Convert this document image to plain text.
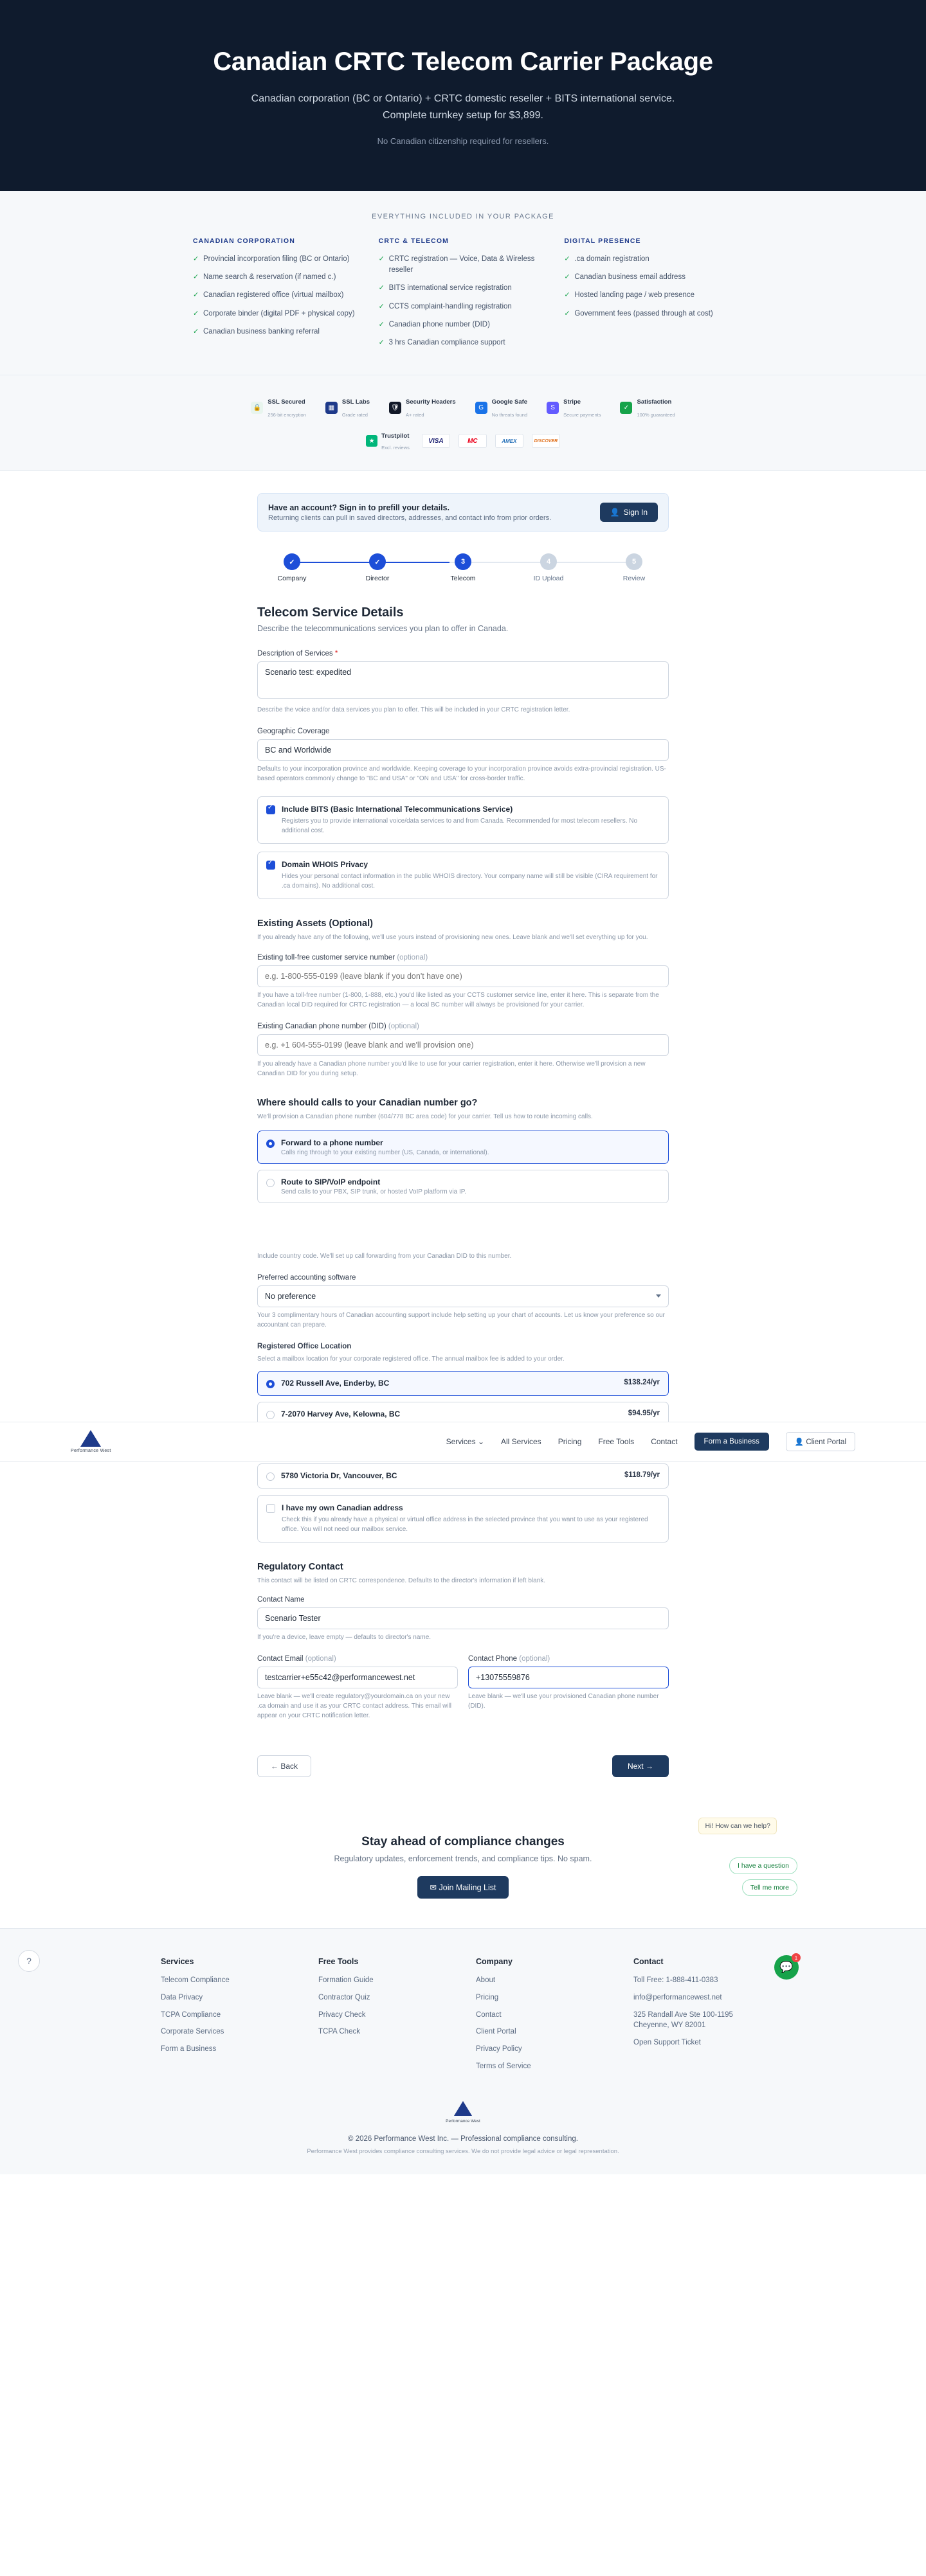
Canadian CRTC Telecom Carrier Package
Canadian corporation (BC or Ontario) + CRTC domestic reseller + BITS international service. Complete turnkey setup for $3,899.
No Canadian citizenship required for resellers.
EVERYTHING INCLUDED IN YOUR PACKAGE
CANADIAN CORPORATION
✓ Provincial incorporation filing (BC or Ontario)
✓ Name search & reservation (if named c.)
✓ Canadian registered office (virtual mailbox)
✓ Corporate binder (digital PDF + physical copy)
✓ Canadian business banking referral
CRTC & TELECOM
✓ CRTC registration — Voice, Data & Wireless reseller
✓ BITS international service registration
✓ CCTS complaint-handling registration
✓ Canadian phone number (DID)
✓ 3 hrs Canadian compliance support
DIGITAL PRESENCE
✓ .ca domain registration
✓ Canadian business email address
✓ Hosted landing page / web presence
✓ Government fees (passed through at cost)
🔒
SSL Secured
256-bit encryption
▦
SSL Labs
Grade rated
🛡
Security Headers
A+ rated
G
Google Safe
No threats found
S
Stripe
Secure payments
✓
Satisfaction
100% guaranteed
★
Trustpilot
Excl. reviews
VISA	MC	AMEX	DISCOVER
Have an account? Sign in to prefill your details.
Returning clients can pull in saved directors, addresses, and contact info from prior orders.
👤 Sign In
✓
Company
✓
Director
3
Telecom
4
ID Upload
5
Review
Telecom Service Details

Describe the telecommunications services you plan to offer in Canada.

Description of Services *
Scenario test: expedited
Describe the voice and/or data services you plan to offer. This will be included in your CRTC registration letter.
Geographic Coverage
BC and Worldwide
Defaults to your incorporation province and worldwide. Keeping coverage to your incorporation province avoids extra-provincial registration. US-based operators commonly change to "BC and USA" or "ON and USA" for cross-border traffic.
✓
Include BITS (Basic International Telecommunications Service)
Registers you to provide international voice/data services to and from Canada. Recommended for most telecom resellers. No additional cost.
✓
Domain WHOIS Privacy
Hides your personal contact information in the public WHOIS directory. Your company name will still be visible (CIRA requirement for .ca domains). No additional cost.
Existing Assets (Optional)
If you already have any of the following, we'll use yours instead of provisioning new ones. Leave blank and we'll set everything up for you.
Existing toll-free customer service number (optional)
e.g. 1-800-555-0199 (leave blank if you don't have one)
If you have a toll-free number (1-800, 1-888, etc.) you'd like listed as your CCTS customer service line, enter it here. This is separate from the Canadian local DID required for CRTC registration — a local BC number will always be provisioned for your carrier.
Existing Canadian phone number (DID) (optional)
e.g. +1 604-555-0199 (leave blank and we'll provision one)
If you already have a Canadian phone number you'd like to use for your carrier registration, enter it here. Otherwise we'll provision a new Canadian DID for you during setup.
Where should calls to your Canadian number go?
We'll provision a Canadian phone number (604/778 BC area code) for your carrier. Tell us how to route incoming calls.
Forward to a phone number
Calls ring through to your existing number (US, Canada, or international).
Route to SIP/VoIP endpoint
Send calls to your PBX, SIP trunk, or hosted VoIP platform via IP.
Include country code. We'll set up call forwarding from your Canadian DID to this number.
Preferred accounting software
No preference
Your 3 complimentary hours of Canadian accounting support include help setting up your chart of accounts. Let us know your preference so our accountant can prepare.
Registered Office Location
Select a mailbox location for your corporate registered office. The annual mailbox fee is added to your order.
702 Russell Ave, Enderby, BC	$138.24/yr
7-2070 Harvey Ave, Kelowna, BC	$94.95/yr
5780 Victoria Dr, Vancouver, BC	$118.79/yr
I have my own Canadian address
Check this if you already have a physical or virtual office address in the selected province that you want to use as your registered office. You will not need our mailbox service.
Regulatory Contact
This contact will be listed on CRTC correspondence. Defaults to the director's information if left blank.
Contact Name
Scenario Tester
If you're a device, leave empty — defaults to director's name.
Contact Email (optional)
testcarrier+e55c42@performancewest.net
Leave blank — we'll create regulatory@yourdomain.ca on your new .ca domain and use it as your CRTC contact address. This email will appear on your CRTC notification letter.
Contact Phone (optional)
+13075559876
Leave blank — we'll use your provisioned Canadian phone number (DID).
← Back	Next →
Performance West
Services ⌄ All Services Pricing Free Tools Contact	Form a Business	👤 Client Portal
Hi! How can we help?
I have a question
Tell me more
💬
1
?
Stay ahead of compliance changes

Regulatory updates, enforcement trends, and compliance tips. No spam.

✉ Join Mailing List
Services
Telecom Compliance
Data Privacy
TCPA Compliance
Corporate Services
Form a Business
Free Tools
Formation Guide
Contractor Quiz
Privacy Check
TCPA Check
Company
About
Pricing
Contact
Client Portal
Privacy Policy
Terms of Service
Contact
Toll Free: 1-888-411-0383
info@performancewest.net
325 Randall Ave Ste 100-1195 Cheyenne, WY 82001
Open Support Ticket
Performance West
© 2026 Performance West Inc. — Professional compliance consulting.
Performance West provides compliance consulting services. We do not provide legal advice or legal representation.
